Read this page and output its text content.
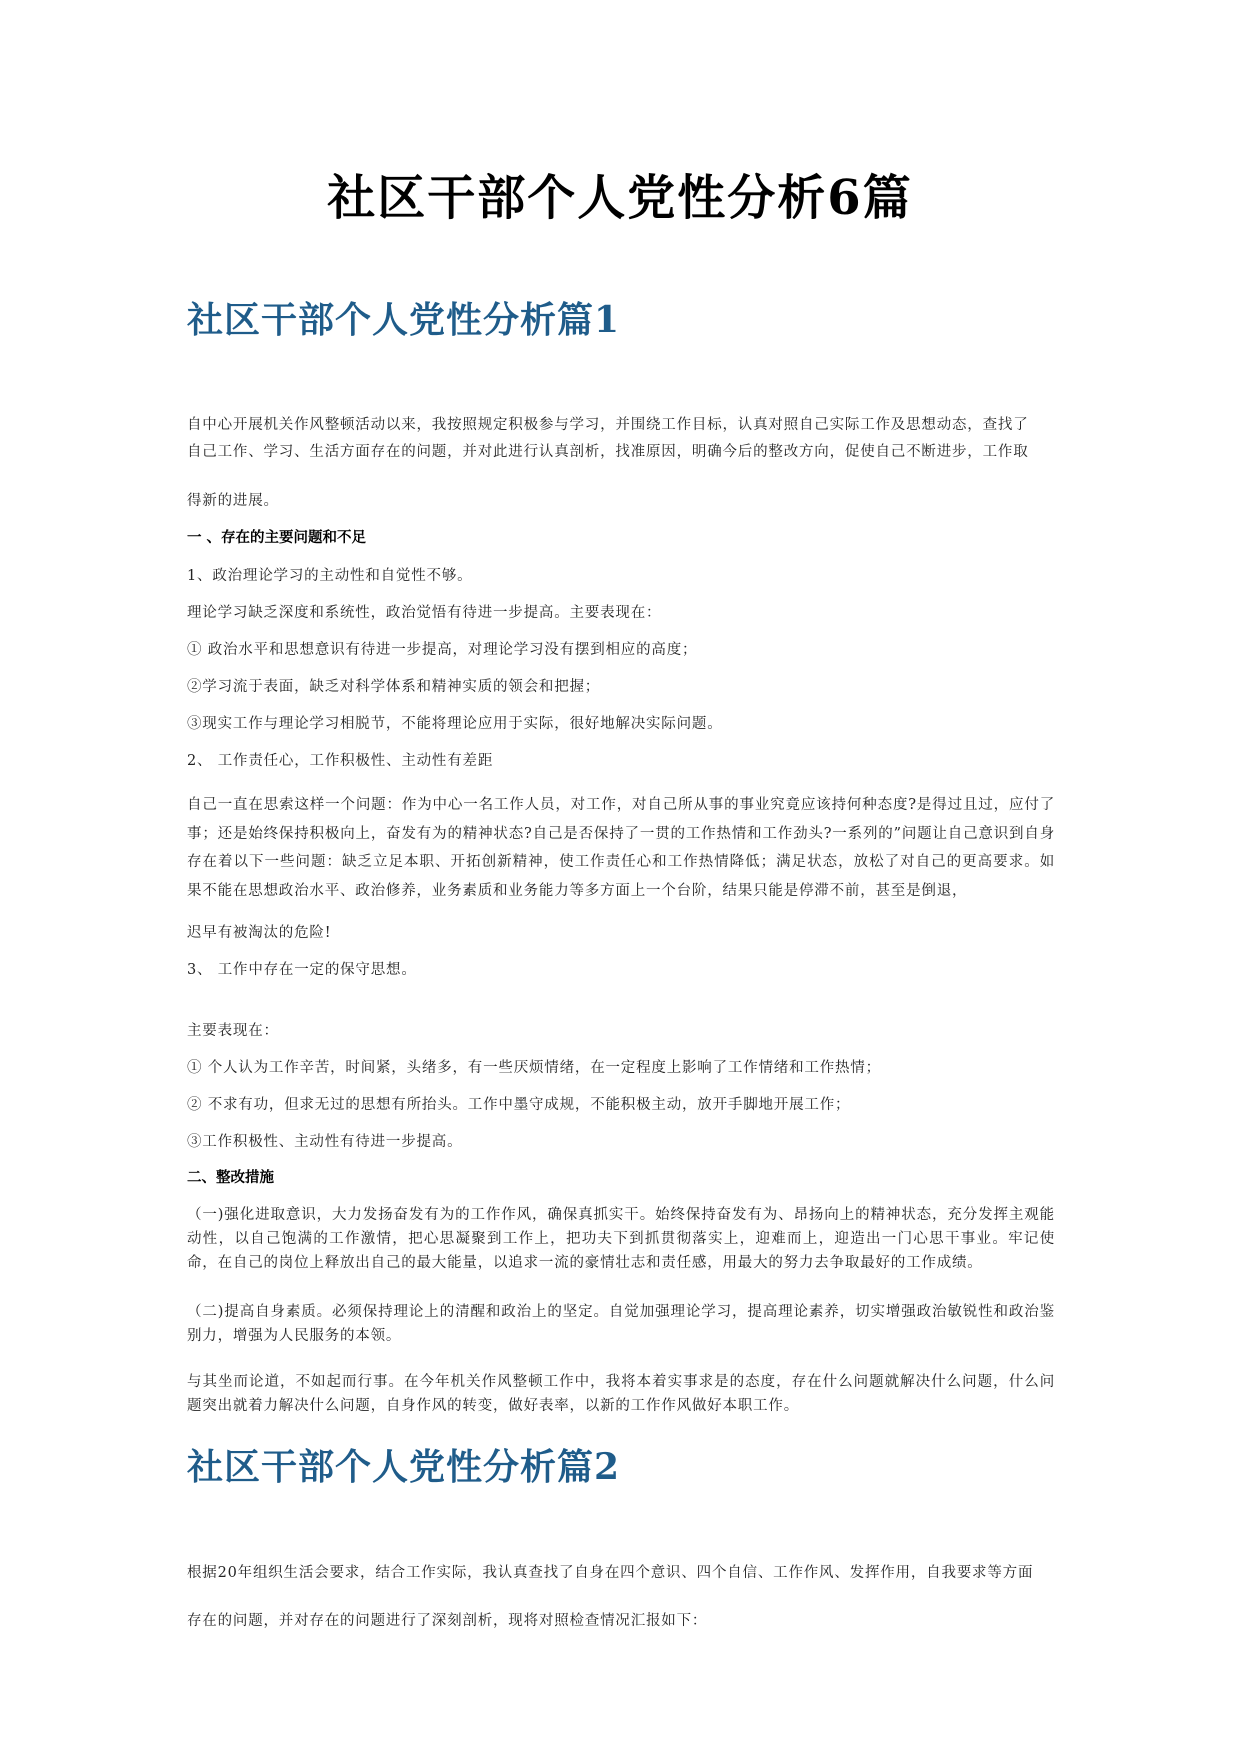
社区干部个人党性分析6篇
社区干部个人党性分析篇1

自中心开展机关作风整顿活动以来，我按照规定积极参与学习，并围绕工作目标，认真对照自己实际工作及思想动态，查找了

自己工作、学习、生活方面存在的问题，并对此进行认真剖析，找准原因，明确今后的整改方向，促使自己不断进步，工作取

得新的进展。

一 、存在的主要问题和不足

1、政治理论学习的主动性和自觉性不够。

理论学习缺乏深度和系统性，政治觉悟有待进一步提高。主要表现在：

① 政治水平和思想意识有待进一步提高，对理论学习没有摆到相应的高度；

②学习流于表面，缺乏对科学体系和精神实质的领会和把握；

③现实工作与理论学习相脱节，不能将理论应用于实际，很好地解决实际问题。

2、 工作责任心，工作积极性、主动性有差距

自己一直在思索这样一个问题：作为中心一名工作人员，对工作，对自己所从事的事业究竟应该持何种态度?是得过且过，应付了事；还是始终保持积极向上，奋发有为的精神状态?自己是否保持了一贯的工作热情和工作劲头?一系列的”问题让自己意识到自身存在着以下一些问题：缺乏立足本职、开拓创新精神，使工作责任心和工作热情降低；满足状态，放松了对自己的更高要求。如果不能在思想政治水平、政治修养，业务素质和业务能力等多方面上一个台阶，结果只能是停滞不前，甚至是倒退，

迟早有被淘汰的危险!

3、 工作中存在一定的保守思想。

主要表现在：

① 个人认为工作辛苦，时间紧，头绪多，有一些厌烦情绪，在一定程度上影响了工作情绪和工作热情；

② 不求有功，但求无过的思想有所抬头。工作中墨守成规，不能积极主动，放开手脚地开展工作；

③工作积极性、主动性有待进一步提高。

二、整改措施

（一)强化进取意识，大力发扬奋发有为的工作作风，确保真抓实干。始终保持奋发有为、昂扬向上的精神状态，充分发挥主观能动性，以自己饱满的工作激情，把心思凝聚到工作上，把功夫下到抓贯彻落实上，迎难而上，迎造出一门心思干事业。牢记使命，在自己的岗位上释放出自己的最大能量，以追求一流的豪情壮志和责任感，用最大的努力去争取最好的工作成绩。

（二)提高自身素质。必须保持理论上的清醒和政治上的坚定。自觉加强理论学习，提高理论素养，切实增强政治敏锐性和政治鉴别力，增强为人民服务的本领。

与其坐而论道，不如起而行事。在今年机关作风整顿工作中，我将本着实事求是的态度，存在什么问题就解决什么问题，什么问题突出就着力解决什么问题，自身作风的转变，做好表率，以新的工作作风做好本职工作。

社区干部个人党性分析篇2

根据20年组织生活会要求，结合工作实际，我认真查找了自身在四个意识、四个自信、工作作风、发挥作用，自我要求等方面

存在的问题，并对存在的问题进行了深刻剖析，现将对照检查情况汇报如下：
